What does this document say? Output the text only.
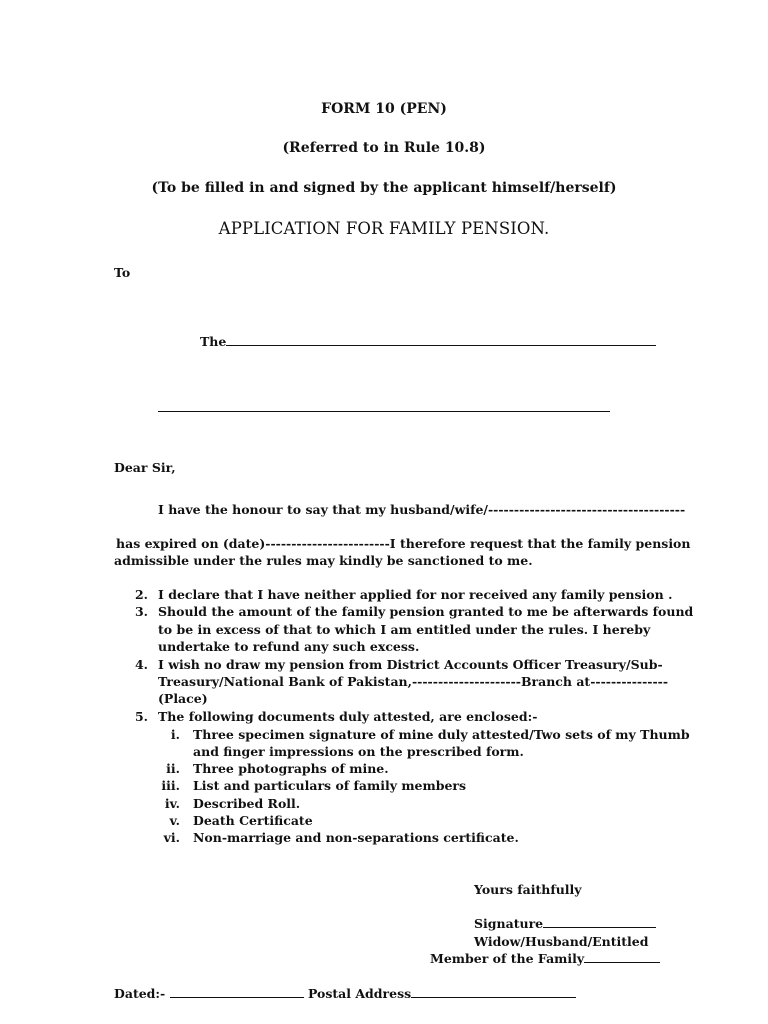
FORM 10 (PEN)
(Referred to in Rule 10.8)
(To be filled in and signed by the applicant himself/herself)
APPLICATION FOR FAMILY PENSION.
To
The
Dear Sir,
I have the honour to say that my husband/wife/--------------------------------------
has expired on (date)------------------------I therefore request that the family pension
admissible under the rules may kindly be sanctioned to me.
2. I declare that I have neither applied for nor received any family pension .
3. Should the amount of the family pension granted to me be afterwards found
to be in excess of that to which I am entitled under the rules. I hereby
undertake to refund any such excess.
4. I wish no draw my pension from District Accounts Officer Treasury/Sub-
Treasury/National Bank of Pakistan,---------------------Branch at---------------
(Place)
5. The following documents duly attested, are enclosed:-
i. Three specimen signature of mine duly attested/Two sets of my Thumb
and finger impressions on the prescribed form.
ii. Three photographs of mine.
iii. List and particulars of family members
iv. Described Roll.
v. Death Certificate
vi. Non-marriage and non-separations certificate.
Yours faithfully
Signature
Widow/Husband/Entitled
Member of the Family
Dated:-	Postal Address
